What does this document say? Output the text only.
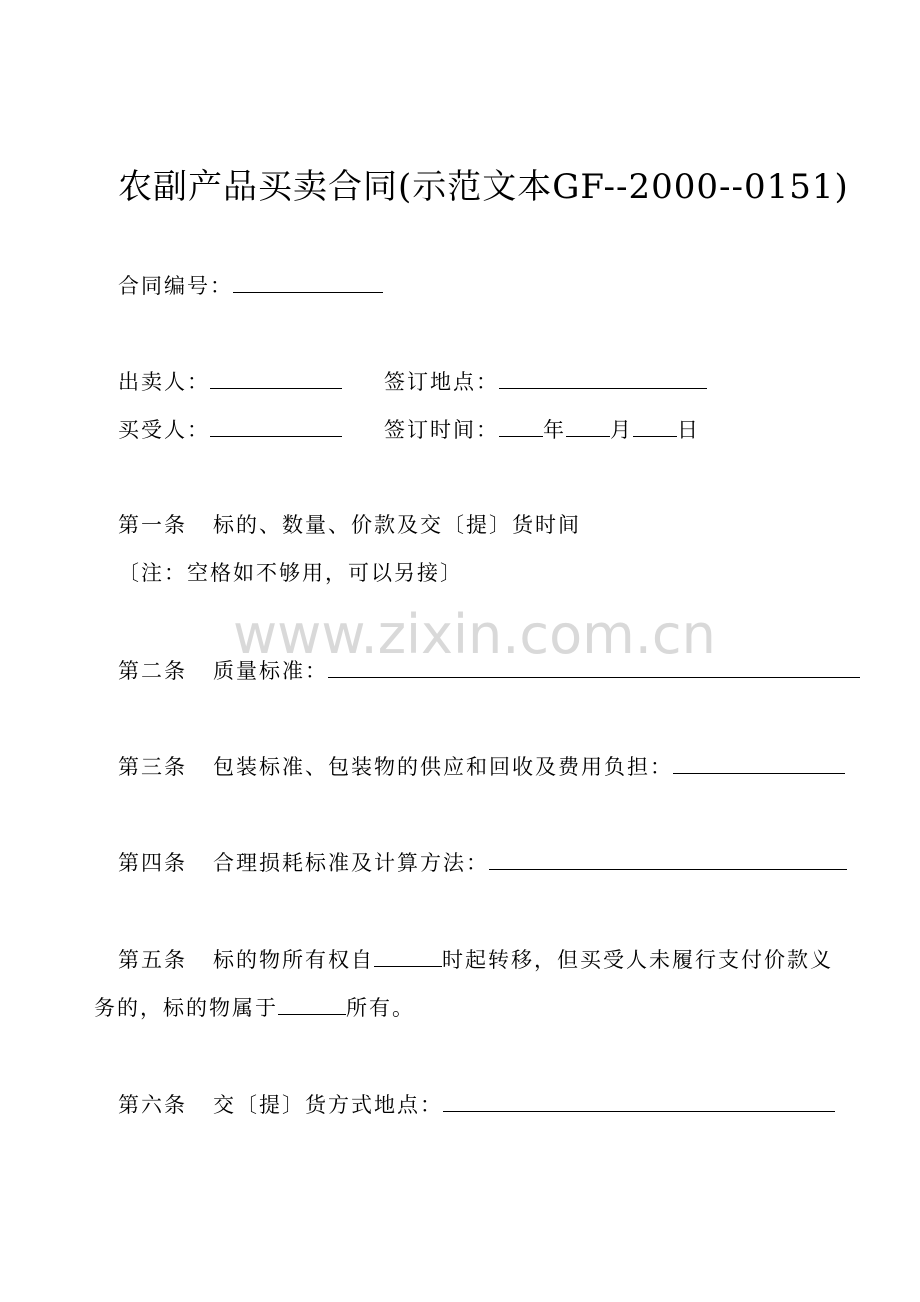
农副产品买卖合同(示范文本GF--2000--0151)
合同编号：
出卖人：	签订地点：
买受人：	签订时间： 年 月 日
第一条 标的、数量、价款及交〔提〕货时间
〔注：空格如不够用，可以另接〕
www.zixin.com.cn
第二条 质量标准：
第三条 包装标准、包装物的供应和回收及费用负担：
第四条 合理损耗标准及计算方法：
第五条 标的物所有权自	时起转移，但买受人未履行支付价款义
务的，标的物属于	所有。
第六条 交〔提〕货方式地点：
